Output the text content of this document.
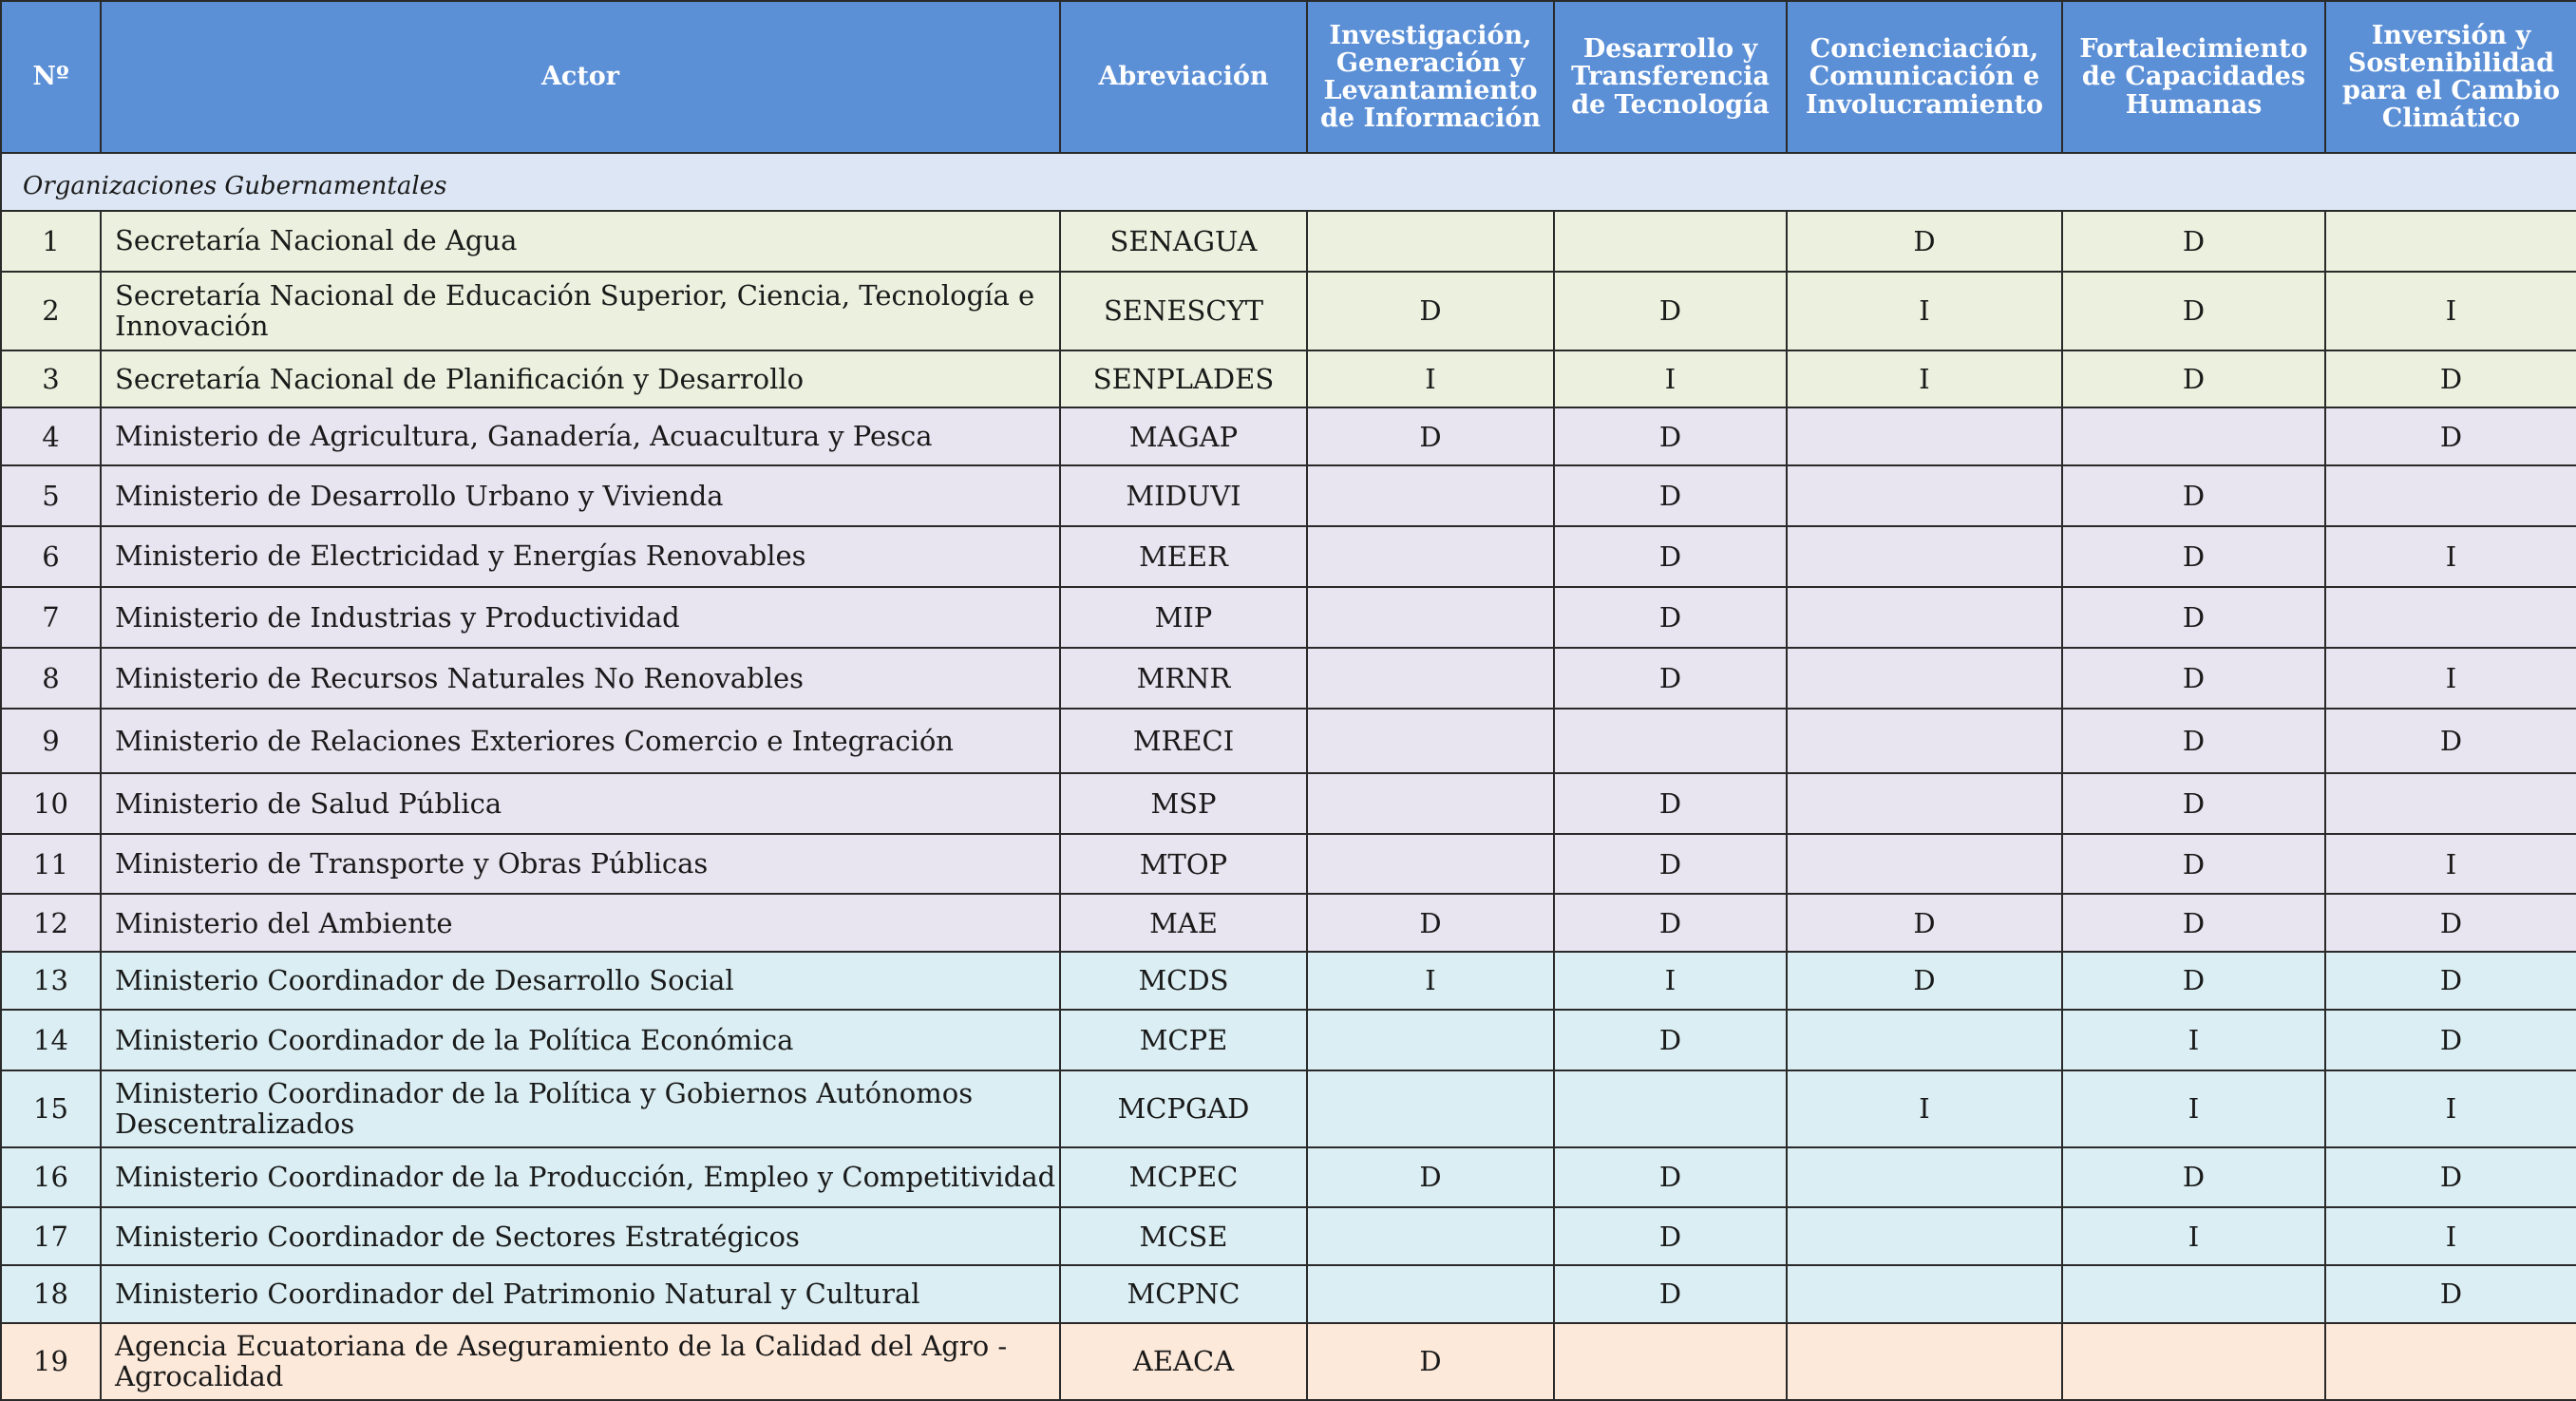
Nº	Actor	Abreviación	Investigación, Generación y Levantamiento de Información	Desarrollo y Transferencia de Tecnología	Concienciación, Comunicación e Involucramiento	Fortalecimiento de Capacidades Humanas	Inversión y Sostenibilidad para el Cambio Climático
Organizaciones Gubernamentales							
1	Secretaría Nacional de Agua	SENAGUA			D	D	
2	Secretaría Nacional de Educación Superior, Ciencia, Tecnología e Innovación	SENESCYT	D	D	I	D	I
3	Secretaría Nacional de Planificación y Desarrollo	SENPLADES	I	I	I	D	D
4	Ministerio de Agricultura, Ganadería, Acuacultura y Pesca	MAGAP	D	D			D
5	Ministerio de Desarrollo Urbano y Vivienda	MIDUVI		D		D	
6	Ministerio de Electricidad y Energías Renovables	MEER		D		D	I
7	Ministerio de Industrias y Productividad	MIP		D		D	
8	Ministerio de Recursos Naturales No Renovables	MRNR		D		D	I
9	Ministerio de Relaciones Exteriores Comercio e Integración	MRECI				D	D
10	Ministerio de Salud Pública	MSP		D		D	
11	Ministerio de Transporte y Obras Públicas	MTOP		D		D	I
12	Ministerio del Ambiente	MAE	D	D	D	D	D
13	Ministerio Coordinador de Desarrollo Social	MCDS	I	I	D	D	D
14	Ministerio Coordinador de la Política Económica	MCPE		D		I	D
15	Ministerio Coordinador de la Política y Gobiernos Autónomos Descentralizados	MCPGAD			I	I	I
16	Ministerio Coordinador de la Producción, Empleo y Competitividad	MCPEC	D	D		D	D
17	Ministerio Coordinador de Sectores Estratégicos	MCSE		D		I	I
18	Ministerio Coordinador del Patrimonio Natural y Cultural	MCPNC		D			D
19	Agencia Ecuatoriana de Aseguramiento de la Calidad del Agro - Agrocalidad	AEACA	D				
